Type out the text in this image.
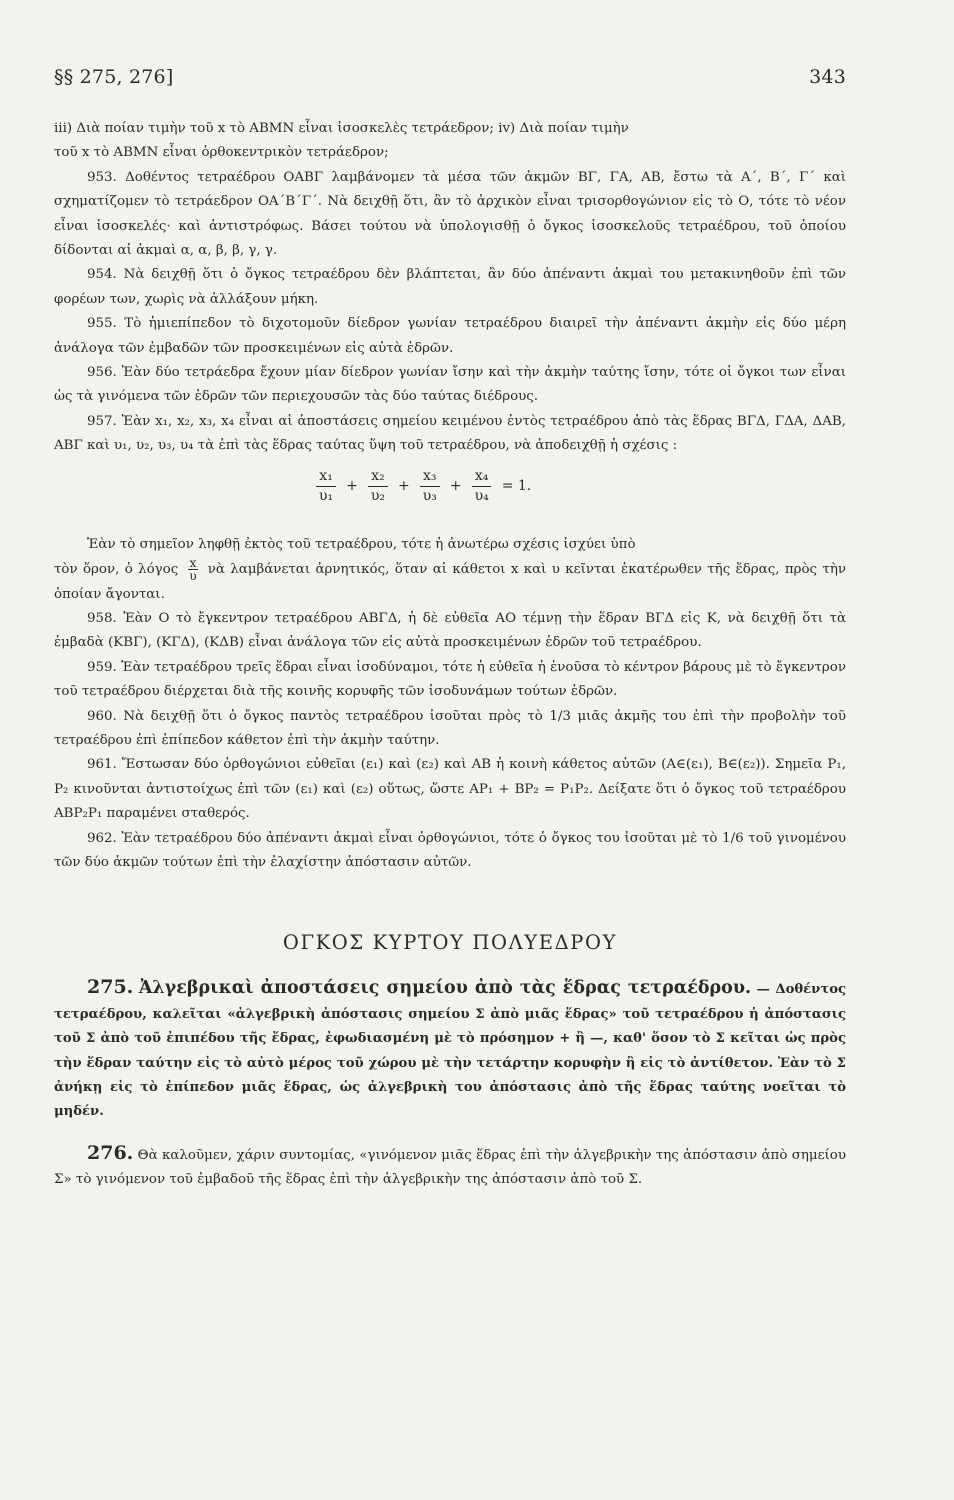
§§ 275, 276]	343

iii) Διὰ ποίαν τιμὴν τοῦ x τὸ ABMN εἶναι ἰσοσκελὲς τετράεδρον; iv) Διὰ ποίαν τιμὴν
τοῦ x τὸ ABMN εἶναι ὀρθοκεντρικὸν τετράεδρον;

953. Δοθέντος τετραέδρου ΟΑΒΓ λαμβάνομεν τὰ μέσα τῶν ἀκμῶν ΒΓ, ΓΑ, ΑΒ, ἔστω τὰ Α΄, Β΄, Γ΄ καὶ σχηματίζομεν τὸ τετράεδρον ΟΑ΄Β΄Γ΄. Νὰ δειχθῇ ὅτι, ἂν τὸ ἀρχικὸν εἶναι τρισορθογώνιον εἰς τὸ Ο, τότε τὸ νέον εἶναι ἰσοσκελές· καὶ ἀντιστρόφως. Βάσει τούτου νὰ ὑπολογισθῇ ὁ ὄγκος ἰσοσκελοῦς τετραέδρου, τοῦ ὁποίου δίδονται αἱ ἀκμαὶ α, α, β, β, γ, γ.

954. Νὰ δειχθῇ ὅτι ὁ ὄγκος τετραέδρου δὲν βλάπτεται, ἂν δύο ἀπέναντι ἀκμαὶ του μετακινηθοῦν ἐπὶ τῶν φορέων των, χωρὶς νὰ ἀλλάξουν μήκη.

955. Τὸ ἡμιεπίπεδον τὸ διχοτομοῦν δίεδρον γωνίαν τετραέδρου διαιρεῖ τὴν ἀπέναντι ἀκμὴν εἰς δύο μέρη ἀνάλογα τῶν ἐμβαδῶν τῶν προσκειμένων εἰς αὐτὰ ἑδρῶν.

956. Ἐὰν δύο τετράεδρα ἔχουν μίαν δίεδρον γωνίαν ἴσην καὶ τὴν ἀκμὴν ταύτης ἴσην, τότε οἱ ὄγκοι των εἶναι ὡς τὰ γινόμενα τῶν ἑδρῶν τῶν περιεχουσῶν τὰς δύο ταύτας διέδρους.

957. Ἐὰν x₁, x₂, x₃, x₄ εἶναι αἱ ἀποστάσεις σημείου κειμένου ἐντὸς τετραέδρου ἀπὸ τὰς ἕδρας ΒΓΔ, ΓΔΑ, ΔΑΒ, ΑΒΓ καὶ υ₁, υ₂, υ₃, υ₄ τὰ ἐπὶ τὰς ἕδρας ταύτας ὕψη τοῦ τετραέδρου, νὰ ἀποδειχθῇ ἡ σχέσις :

$\frac{\text{x₁}}{\text{υ₁}} + \frac{\text{x₂}}{\text{υ₂}} + \frac{\text{x₃}}{\text{υ₃}} + \frac{\text{x₄}}{\text{υ₄}} = 1$.

Ἐὰν τὸ σημεῖον ληφθῇ ἐκτὸς τοῦ τετραέδρου, τότε ἡ ἀνωτέρω σχέσις ἰσχύει ὑπὸ

τὸν ὅρον, ὁ λόγος $\frac{x}{\upsilon}$ νὰ λαμβάνεται ἀρνητικός, ὅταν αἱ κάθετοι x καὶ υ κεῖνται ἑκατέρωθεν τῆς ἕδρας, πρὸς τὴν ὁποίαν ἄγονται.

958. Ἐὰν Ο τὸ ἔγκεντρον τετραέδρου ΑΒΓΔ, ἡ δὲ εὐθεῖα ΑΟ τέμνῃ τὴν ἕδραν ΒΓΔ εἰς Κ, νὰ δειχθῇ ὅτι τὰ ἐμβαδὰ (ΚΒΓ), (ΚΓΔ), (ΚΔΒ) εἶναι ἀνάλογα τῶν εἰς αὐτὰ προσκειμένων ἑδρῶν τοῦ τετραέδρου.

959. Ἐὰν τετραέδρου τρεῖς ἕδραι εἶναι ἰσοδύναμοι, τότε ἡ εὐθεῖα ἡ ἑνοῦσα τὸ κέντρον βάρους μὲ τὸ ἔγκεντρον τοῦ τετραέδρου διέρχεται διὰ τῆς κοινῆς κορυφῆς τῶν ἰσοδυνάμων τούτων ἑδρῶν.

960. Νὰ δειχθῇ ὅτι ὁ ὄγκος παντὸς τετραέδρου ἰσοῦται πρὸς τὸ 1/3 μιᾶς ἀκμῆς του ἐπὶ τὴν προβολὴν τοῦ τετραέδρου ἐπὶ ἐπίπεδον κάθετον ἐπὶ τὴν ἀκμὴν ταύτην.

961. Ἔστωσαν δύο ὀρθογώνιοι εὐθεῖαι (ε₁) καὶ (ε₂) καὶ ΑΒ ἡ κοινὴ κάθετος αὐτῶν (Α∈(ε₁), Β∈(ε₂)). Σημεῖα Ρ₁, Ρ₂ κινοῦνται ἀντιστοίχως ἐπὶ τῶν (ε₁) καὶ (ε₂) οὕτως, ὥστε ΑΡ₁ + ΒΡ₂ = Ρ₁Ρ₂. Δείξατε ὅτι ὁ ὄγκος τοῦ τετραέδρου ΑΒΡ₂Ρ₁ παραμένει σταθερός.

962. Ἐὰν τετραέδρου δύο ἀπέναντι ἀκμαὶ εἶναι ὀρθογώνιοι, τότε ὁ ὄγκος του ἰσοῦται μὲ τὸ 1/6 τοῦ γινομένου τῶν δύο ἀκμῶν τούτων ἐπὶ τὴν ἐλαχίστην ἀπόστασιν αὐτῶν.

ΟΓΚΟΣ ΚΥΡΤΟΥ ΠΟΛΥΕΔΡΟΥ

275. Ἀλγεβρικαὶ ἀποστάσεις σημείου ἀπὸ τὰς ἕδρας τετραέδρου. — Δοθέντος τετραέδρου, καλεῖται «ἀλγεβρικὴ ἀπόστασις σημείου Σ ἀπὸ μιᾶς ἕδρας» τοῦ τετραέδρου ἡ ἀπόστασις τοῦ Σ ἀπὸ τοῦ ἐπιπέδου τῆς ἕδρας, ἐφωδιασμένη μὲ τὸ πρόσημον + ἢ —, καθ' ὅσον τὸ Σ κεῖται ὡς πρὸς τὴν ἕδραν ταύτην εἰς τὸ αὐτὸ μέρος τοῦ χώρου μὲ τὴν τετάρτην κορυφὴν ἢ εἰς τὸ ἀντίθετον. Ἐὰν τὸ Σ ἀνήκῃ εἰς τὸ ἐπίπεδον μιᾶς ἕδρας, ὡς ἀλγεβρικὴ του ἀπόστασις ἀπὸ τῆς ἕδρας ταύτης νοεῖται τὸ μηδέν.

276. Θὰ καλοῦμεν, χάριν συντομίας, «γινόμενον μιᾶς ἕδρας ἐπὶ τὴν ἀλγεβρικὴν της ἀπόστασιν ἀπὸ σημείου Σ» τὸ γινόμενον τοῦ ἐμβαδοῦ τῆς ἕδρας ἐπὶ τὴν ἀλγεβρικὴν της ἀπόστασιν ἀπὸ τοῦ Σ.
